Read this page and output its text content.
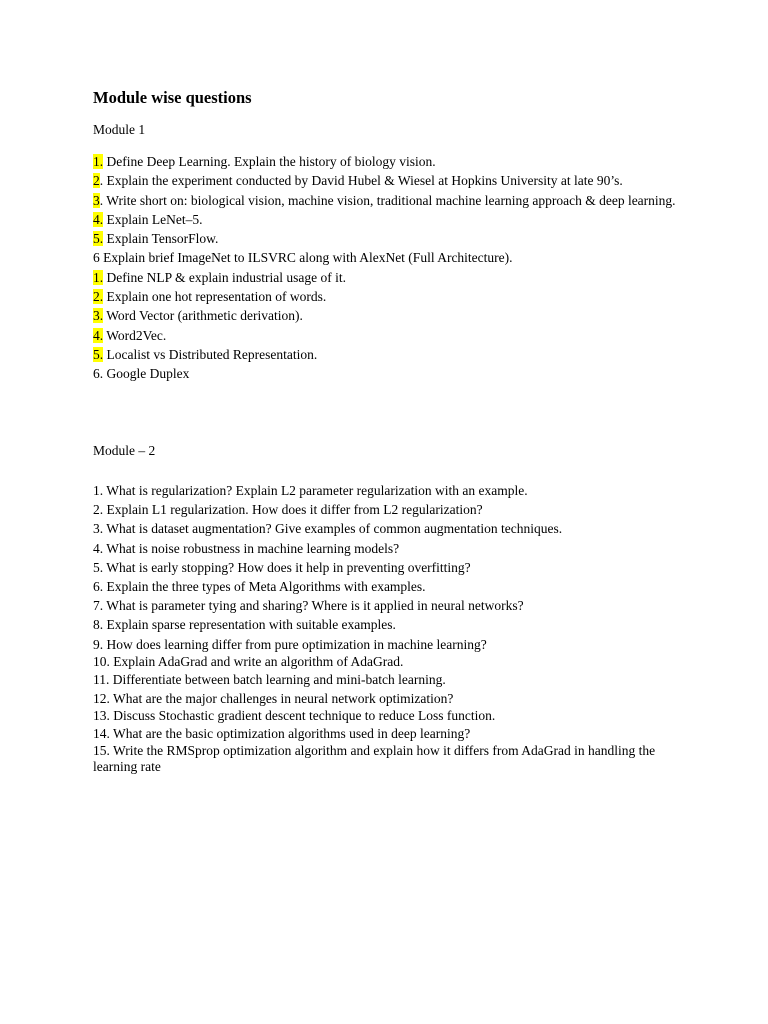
Module wise questions

Module 1

1. Define Deep Learning. Explain the history of biology vision.
2. Explain the experiment conducted by David Hubel & Wiesel at Hopkins University at late 90’s.
3. Write short on: biological vision, machine vision, traditional machine learning approach & deep learning.
4. Explain LeNet–5.
5. Explain TensorFlow.
6 Explain brief ImageNet to ILSVRC along with AlexNet (Full Architecture).
1. Define NLP & explain industrial usage of it.
2. Explain one hot representation of words.
3. Word Vector (arithmetic derivation).
4. Word2Vec.
5. Localist vs Distributed Representation.
6. Google Duplex

Module – 2

1. What is regularization? Explain L2 parameter regularization with an example.
2. Explain L1 regularization. How does it differ from L2 regularization?
3. What is dataset augmentation? Give examples of common augmentation techniques.
4. What is noise robustness in machine learning models?
5. What is early stopping? How does it help in preventing overfitting?
6. Explain the three types of Meta Algorithms with examples.
7. What is parameter tying and sharing? Where is it applied in neural networks?
8. Explain sparse representation with suitable examples.
9. How does learning differ from pure optimization in machine learning?
10. Explain AdaGrad and write an algorithm of AdaGrad.
11. Differentiate between batch learning and mini-batch learning.
12. What are the major challenges in neural network optimization?
13. Discuss Stochastic gradient descent technique to reduce Loss function.
14. What are the basic optimization algorithms used in deep learning?
15. Write the RMSprop optimization algorithm and explain how it differs from AdaGrad in handling the learning rate
